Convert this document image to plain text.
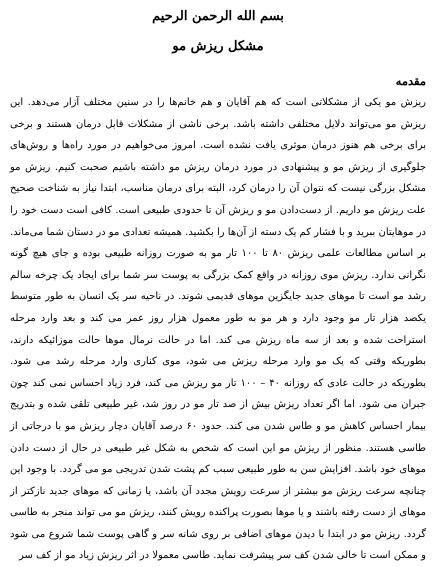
بسم الله الرحمن الرحيم
مشکل ریزش مو
مقدمه
ریزش مو یکی از مشکلاتی است که هم آقایان و هم خانم‌ها را در سنین مختلف آزار می‌دهد. این ریزش مو می‌تواند دلایل مختلفی داشته باشد. برخی ناشی از مشکلات قابل درمان هستند و برخی برای برخی هم هنوز درمان موثری یافت نشده است. امروز می‌خواهیم در مورد راه‌ها و روش‌های جلوگیری از ریزش مو و پیشنهادی در مورد درمان ریزش مو داشته باشیم صحبت کنیم. ریزش مو مشکل بزرگی نیست که نتوان آن را درمان کرد، البته برای درمان مناسب، ابتدا نیاز به شناخت صحیح علت ریزش مو داریم. از دست‌دادن مو و ریزش آن تا حدودی طبیعی است. کافی است دست خود را در موهایتان ببرید و با فشار کم یک دسته از آن‌ها را بکشید. همیشه تعدادی مو در دستان شما می‌ماند. بر اساس مطالعات علمی ریزش ۸۰ تا ۱۰۰ تار مو به صورت روزانه طبیعی بوده و جای هیچ گونه نگرانی ندارد. ریزش موی روزانه در واقع کمک بزرگی به پوست سر شما برای ایجاد یک چرخه سالم رشد مو است تا موهای جدید جایگزین موهای قدیمی شوند. در ناحیه سر یک انسان به طور متوسط یکصد هزار تار مو وجود دارد و هر مو به طور معمول هزار روز عمر می کند و بعد وارد مرحله استراحت شده و بعد از سه ماه ریزش می کند. اما در حالت نرمال موها حالت موزائیکه دارند، بطوریکه وقتی که یک مو وارد مرحله ریزش می شود، موی کناری وارد مرحله رشد می شود. بطوریکه در حالت عادی که روزانه ۴۰ – ۱۰۰ تار مو ریزش می کند، فرد زیاد احساس نمی کند چون جبران می شود. اما اگر تعداد ریزش بیش از صد تار مو در روز شد، غیر طبیعی تلقی شده و بتدریج بیمار احساس کاهش مو و طاس شدن می کند. حدود ۶۰ درصد آقایان دچار ریزش مو با درجاتی از طاسی هستند. منظور از ریزش مو این است که شخص به شکل غیر طبیعی در حال از دست دادن موهای خود باشد. افزایش سن به طور طبیعی سبب کم پشت شدن تدریجی مو می گردد. با وجود این چنانچه سرعت ریزش مو بیشتر از سرعت رویش مجدد آن باشد، یا زمانی که موهای جدید نازکتر از موهای از دست رفته باشند و یا موها بصورت پراکنده رویش کنند، ریزش مو می تواند منجر به طاسی گردد. ریزش مو در ابتدا با دیدن موهای اضافی بر روی شانه سر و گاهی پوست شما شروع می شود و ممکن است تا خالی شدن کف سر پیشرفت نماید. طاسی معمولا در اثر ریزش زیاد مو از کف سر
